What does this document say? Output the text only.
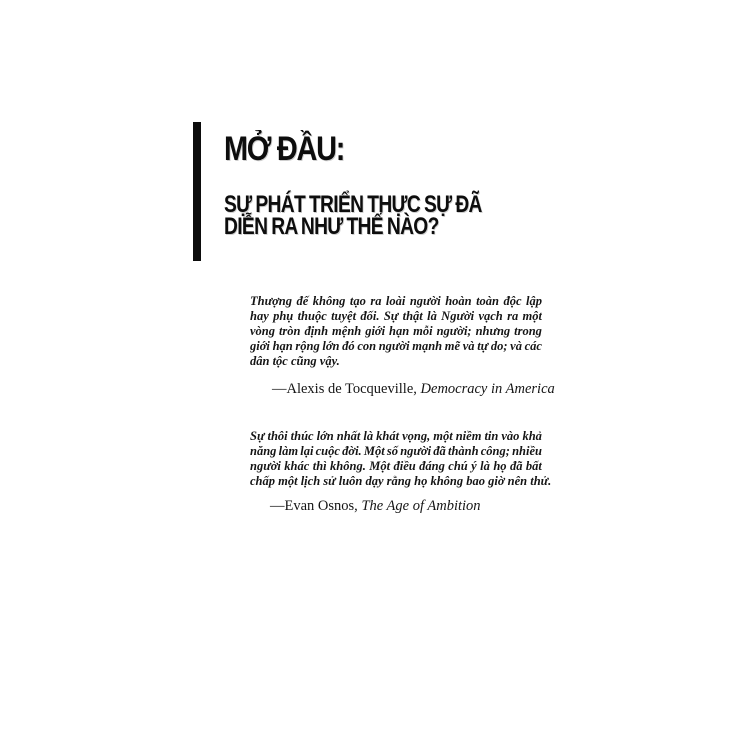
MỞ ĐẦU:
SỰ PHÁT TRIỂN THỰC SỰ ĐÃ
DIỄN RA NHƯ THẾ NÀO?
Thượng đế không tạo ra loài người hoàn toàn độc lập
hay phụ thuộc tuyệt đối. Sự thật là Người vạch ra một
vòng tròn định mệnh giới hạn mỗi người; nhưng trong
giới hạn rộng lớn đó con người mạnh mẽ và tự do; và các
dân tộc cũng vậy.
—Alexis de Tocqueville, Democracy in America
Sự thôi thúc lớn nhất là khát vọng, một niềm tin vào khả
năng làm lại cuộc đời. Một số người đã thành công; nhiều
người khác thì không. Một điều đáng chú ý là họ đã bất
chấp một lịch sử luôn dạy rằng họ không bao giờ nên thử.
—Evan Osnos, The Age of Ambition
